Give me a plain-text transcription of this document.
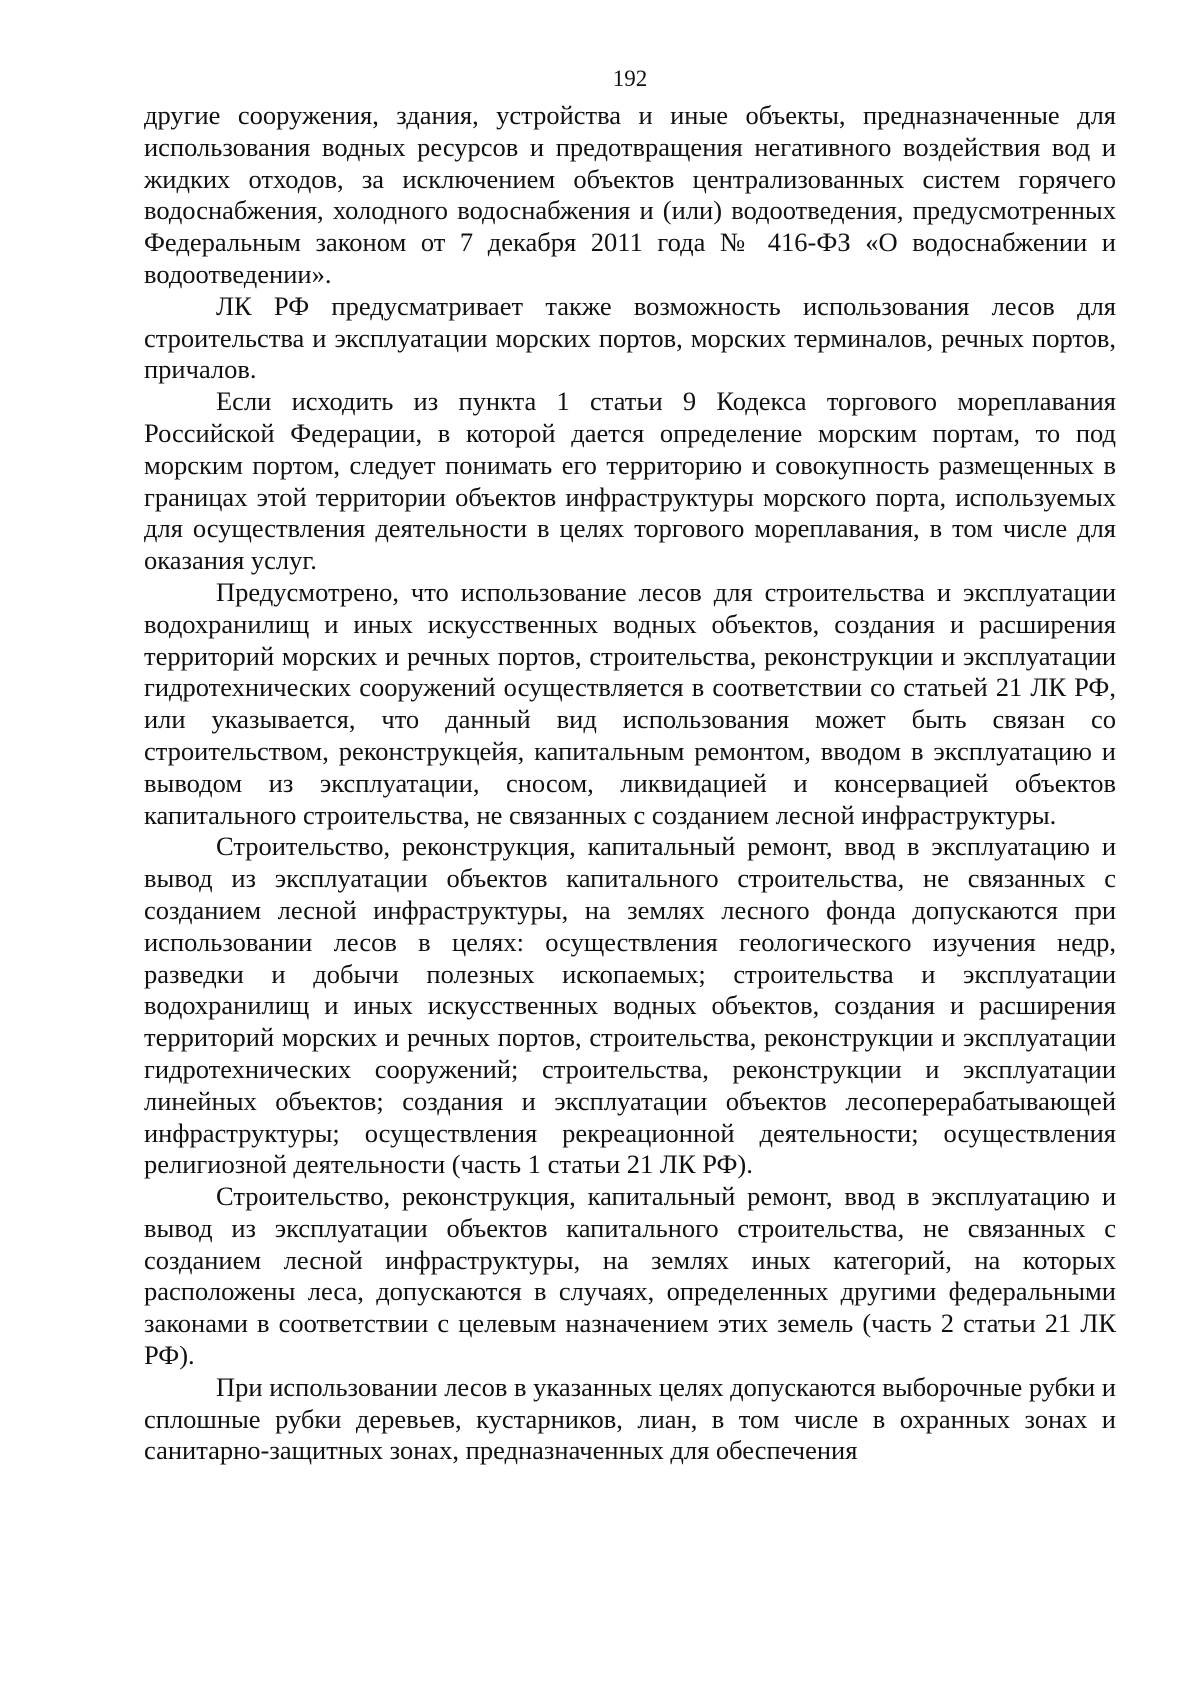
192

другие сооружения, здания, устройства и иные объекты, предназначенные для использования водных ресурсов и предотвращения негативного воздействия вод и жидких отходов, за исключением объектов централизованных систем горячего водоснабжения, холодного водоснабжения и (или) водоотведения, предусмотренных Федеральным законом от 7 декабря 2011 года № 416-ФЗ «О водоснабжении и водоотведении».

ЛК РФ предусматривает также возможность использования лесов для строительства и эксплуатации морских портов, морских терминалов, речных портов, причалов.

Если исходить из пункта 1 статьи 9 Кодекса торгового мореплавания Российской Федерации, в которой дается определение морским портам, то под морским портом, следует понимать его территорию и совокупность размещенных в границах этой территории объектов инфраструктуры морского порта, используемых для осуществления деятельности в целях торгового мореплавания, в том числе для оказания услуг.

Предусмотрено, что использование лесов для строительства и эксплуатации водохранилищ и иных искусственных водных объектов, создания и расширения территорий морских и речных портов, строительства, реконструкции и эксплуатации гидротехнических сооружений осуществляется в соответствии со статьей 21 ЛК РФ, или указывается, что данный вид использования может быть связан со строительством, реконструкцейя, капитальным ремонтом, вводом в эксплуатацию и выводом из эксплуатации, сносом, ликвидацией и консервацией объектов капитального строительства, не связанных с созданием лесной инфраструктуры.

Строительство, реконструкция, капитальный ремонт, ввод в эксплуатацию и вывод из эксплуатации объектов капитального строительства, не связанных с созданием лесной инфраструктуры, на землях лесного фонда допускаются при использовании лесов в целях: осуществления геологического изучения недр, разведки и добычи полезных ископаемых; строительства и эксплуатации водохранилищ и иных искусственных водных объектов, создания и расширения территорий морских и речных портов, строительства, реконструкции и эксплуатации гидротехнических сооружений; строительства, реконструкции и эксплуатации линейных объектов; создания и эксплуатации объектов лесоперерабатывающей инфраструктуры; осуществления рекреационной деятельности; осуществления религиозной деятельности (часть 1 статьи 21 ЛК РФ).

Строительство, реконструкция, капитальный ремонт, ввод в эксплуатацию и вывод из эксплуатации объектов капитального строительства, не связанных с созданием лесной инфраструктуры, на землях иных категорий, на которых расположены леса, допускаются в случаях, определенных другими федеральными законами в соответствии с целевым назначением этих земель (часть 2 статьи 21 ЛК РФ).

При использовании лесов в указанных целях допускаются выборочные рубки и сплошные рубки деревьев, кустарников, лиан, в том числе в охранных зонах и санитарно-защитных зонах, предназначенных для обеспечения
